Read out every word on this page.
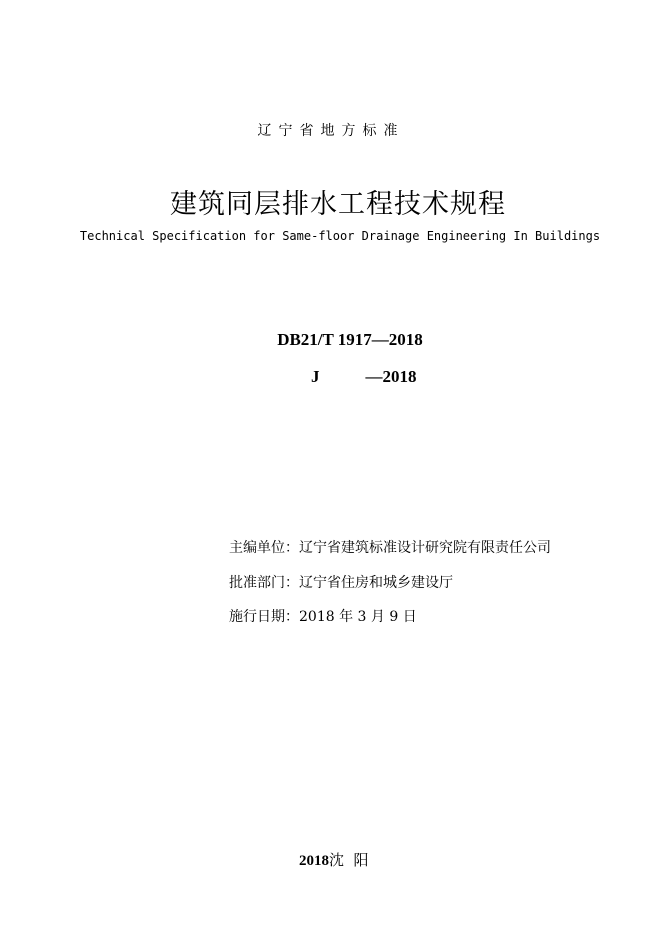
辽宁省地方标准
建筑同层排水工程技术规程
Technical Specification for Same-floor Drainage Engineering In Buildings
DB21/T 1917—2018
J	—2018
主编单位：辽宁省建筑标准设计研究院有限责任公司
批准部门：辽宁省住房和城乡建设厅
施行日期：2018 年 3 月 9 日
2018沈  阳
